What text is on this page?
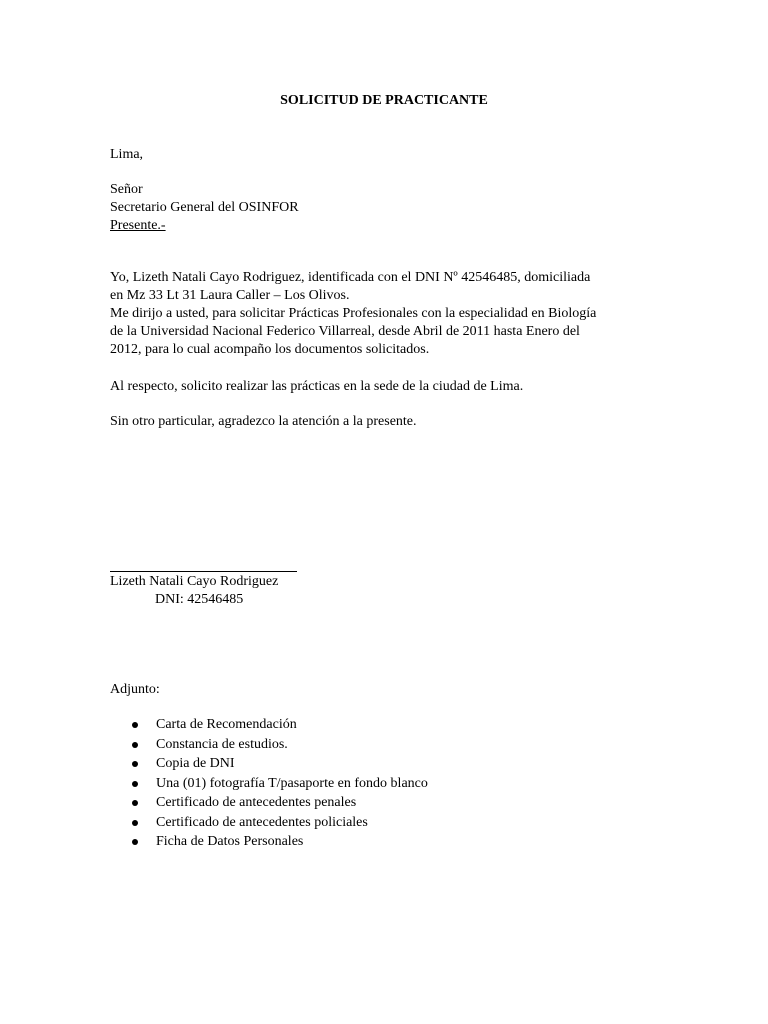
SOLICITUD DE PRACTICANTE
Lima,
Señor
Secretario General del OSINFOR
Presente.-
Yo, Lizeth Natali Cayo Rodriguez, identificada con el DNI Nº 42546485, domiciliada
en Mz 33 Lt 31 Laura Caller – Los Olivos.
Me dirijo a usted, para solicitar Prácticas Profesionales con la especialidad en Biología
de la Universidad Nacional Federico Villarreal, desde Abril de 2011 hasta Enero del
2012, para lo cual acompaño los documentos solicitados.
Al respecto, solicito realizar las prácticas en la sede de la ciudad de Lima.
Sin otro particular, agradezco la atención a la presente.
Lizeth Natali Cayo Rodriguez
DNI: 42546485
Adjunto:
Carta de Recomendación
Constancia de estudios.
Copia de DNI
Una (01) fotografía T/pasaporte en fondo blanco
Certificado de antecedentes penales
Certificado de antecedentes policiales
Ficha de Datos Personales
